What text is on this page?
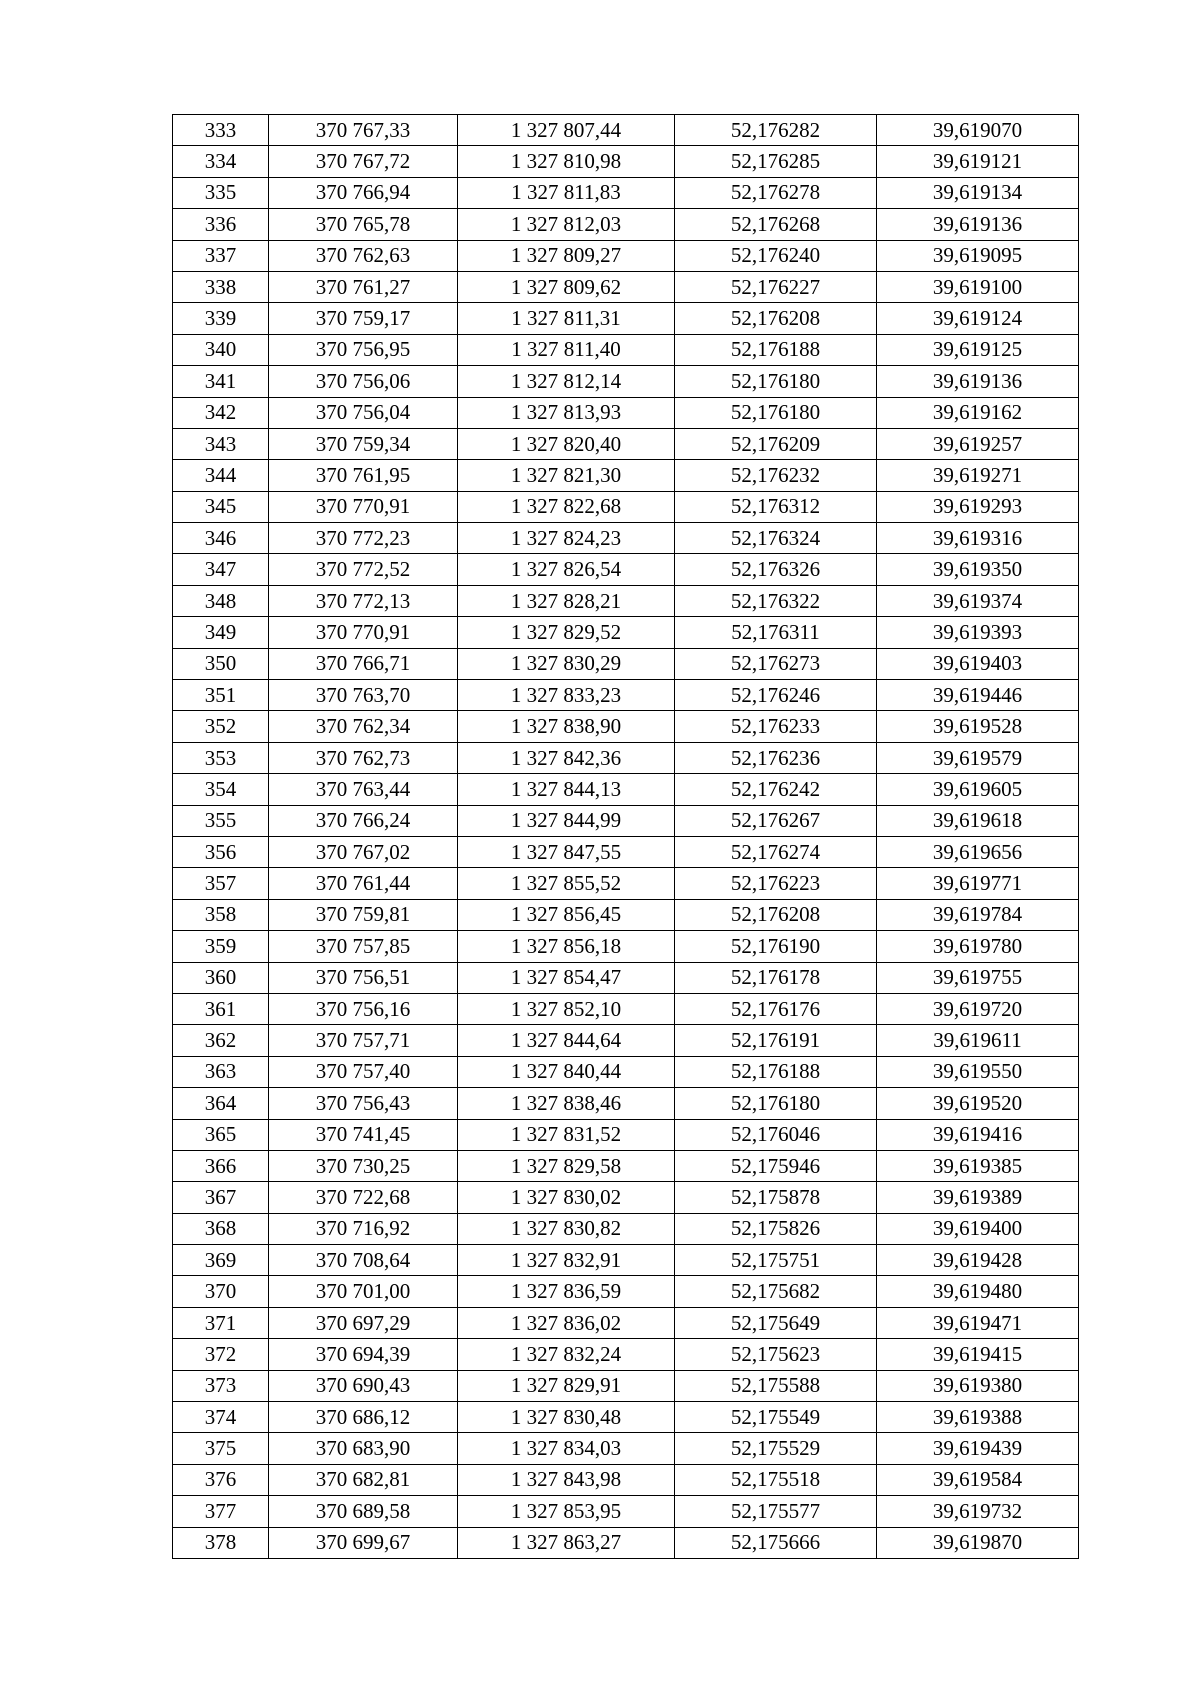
333	370 767,33	1 327 807,44	52,176282	39,619070
334	370 767,72	1 327 810,98	52,176285	39,619121
335	370 766,94	1 327 811,83	52,176278	39,619134
336	370 765,78	1 327 812,03	52,176268	39,619136
337	370 762,63	1 327 809,27	52,176240	39,619095
338	370 761,27	1 327 809,62	52,176227	39,619100
339	370 759,17	1 327 811,31	52,176208	39,619124
340	370 756,95	1 327 811,40	52,176188	39,619125
341	370 756,06	1 327 812,14	52,176180	39,619136
342	370 756,04	1 327 813,93	52,176180	39,619162
343	370 759,34	1 327 820,40	52,176209	39,619257
344	370 761,95	1 327 821,30	52,176232	39,619271
345	370 770,91	1 327 822,68	52,176312	39,619293
346	370 772,23	1 327 824,23	52,176324	39,619316
347	370 772,52	1 327 826,54	52,176326	39,619350
348	370 772,13	1 327 828,21	52,176322	39,619374
349	370 770,91	1 327 829,52	52,176311	39,619393
350	370 766,71	1 327 830,29	52,176273	39,619403
351	370 763,70	1 327 833,23	52,176246	39,619446
352	370 762,34	1 327 838,90	52,176233	39,619528
353	370 762,73	1 327 842,36	52,176236	39,619579
354	370 763,44	1 327 844,13	52,176242	39,619605
355	370 766,24	1 327 844,99	52,176267	39,619618
356	370 767,02	1 327 847,55	52,176274	39,619656
357	370 761,44	1 327 855,52	52,176223	39,619771
358	370 759,81	1 327 856,45	52,176208	39,619784
359	370 757,85	1 327 856,18	52,176190	39,619780
360	370 756,51	1 327 854,47	52,176178	39,619755
361	370 756,16	1 327 852,10	52,176176	39,619720
362	370 757,71	1 327 844,64	52,176191	39,619611
363	370 757,40	1 327 840,44	52,176188	39,619550
364	370 756,43	1 327 838,46	52,176180	39,619520
365	370 741,45	1 327 831,52	52,176046	39,619416
366	370 730,25	1 327 829,58	52,175946	39,619385
367	370 722,68	1 327 830,02	52,175878	39,619389
368	370 716,92	1 327 830,82	52,175826	39,619400
369	370 708,64	1 327 832,91	52,175751	39,619428
370	370 701,00	1 327 836,59	52,175682	39,619480
371	370 697,29	1 327 836,02	52,175649	39,619471
372	370 694,39	1 327 832,24	52,175623	39,619415
373	370 690,43	1 327 829,91	52,175588	39,619380
374	370 686,12	1 327 830,48	52,175549	39,619388
375	370 683,90	1 327 834,03	52,175529	39,619439
376	370 682,81	1 327 843,98	52,175518	39,619584
377	370 689,58	1 327 853,95	52,175577	39,619732
378	370 699,67	1 327 863,27	52,175666	39,619870
